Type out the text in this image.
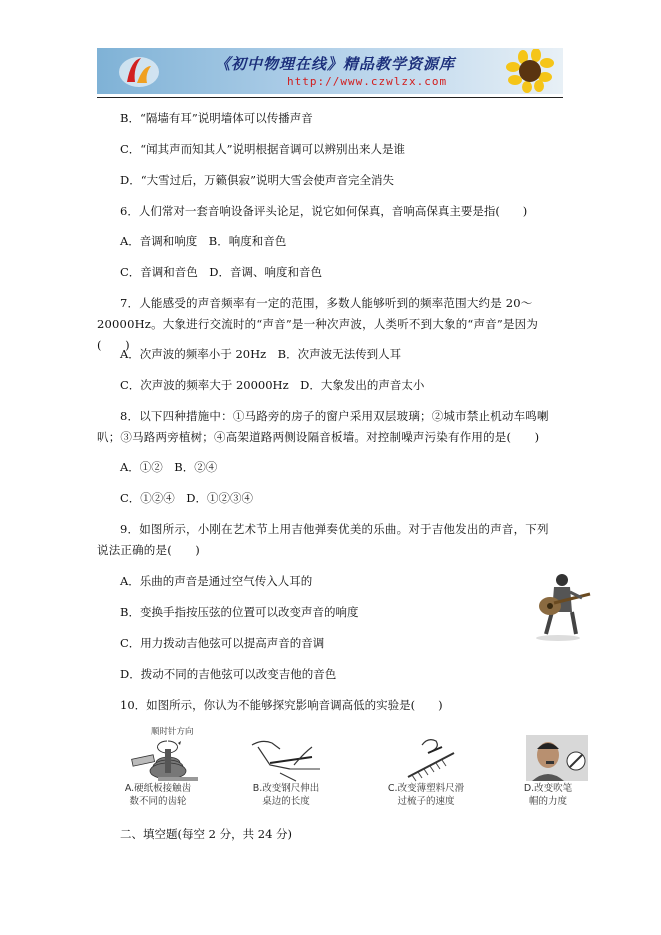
《初中物理在线》精品教学资源库
http://www.czwlzx.com
B．“隔墙有耳”说明墙体可以传播声音
C．“闻其声而知其人”说明根据音调可以辨别出来人是谁
D．“大雪过后，万籁俱寂”说明大雪会使声音完全消失
6．人们常对一套音响设备评头论足，说它如何保真，音响高保真主要是指(　　)
A．音调和响度　B．响度和音色
C．音调和音色　D．音调、响度和音色
7．人能感受的声音频率有一定的范围，多数人能够听到的频率范围大约是 20～20000Hz。大象进行交流时的“声音”是一种次声波，人类听不到大象的“声音”是因为(　　)
A．次声波的频率小于 20Hz　B．次声波无法传到人耳
C．次声波的频率大于 20000Hz　D．大象发出的声音太小
8．以下四种措施中：①马路旁的房子的窗户采用双层玻璃；②城市禁止机动车鸣喇叭；③马路两旁植树；④高架道路两侧设隔音板墙。对控制噪声污染有作用的是(　　)
A．①②　B．②④
C．①②④　D．①②③④
9．如图所示，小刚在艺术节上用吉他弹奏优美的乐曲。对于吉他发出的声音，下列说法正确的是(　　)
A．乐曲的声音是通过空气传入人耳的
B．变换手指按压弦的位置可以改变声音的响度
C．用力拨动吉他弦可以提高声音的音调
D．拨动不同的吉他弦可以改变吉他的音色
10．如图所示，你认为不能够探究影响音调高低的实验是(　　)
顺时针方向
A.硬纸板接触齿
数不同的齿轮
B.改变钢尺伸出
桌边的长度
C.改变薄塑料尺滑
过梳子的速度
D.改变吹笔
帽的力度
二、填空题(每空 2 分，共 24 分)
